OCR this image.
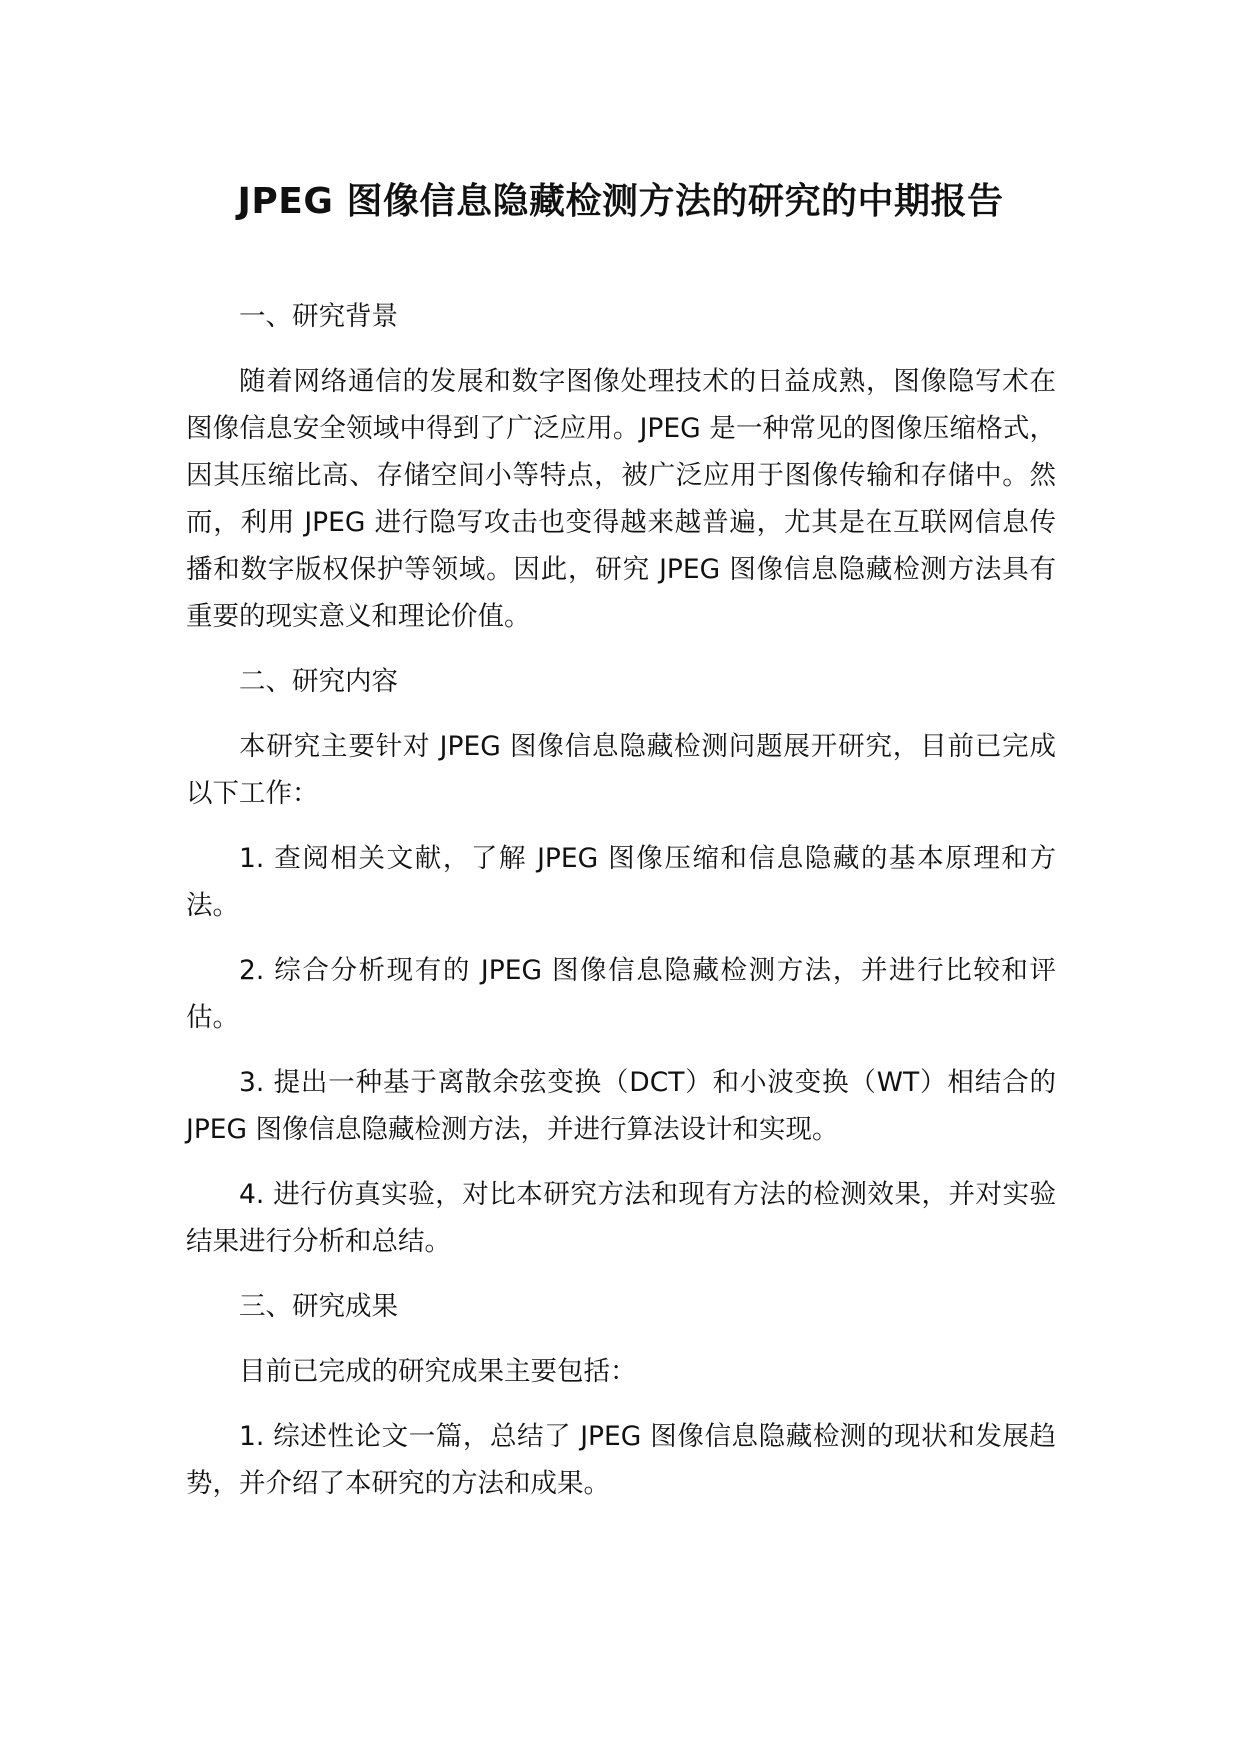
JPEG 图像信息隐藏检测方法的研究的中期报告

一、研究背景

随着网络通信的发展和数字图像处理技术的日益成熟，图像隐写术在图像信息安全领域中得到了广泛应用。JPEG 是一种常见的图像压缩格式，因其压缩比高、存储空间小等特点，被广泛应用于图像传输和存储中。然而，利用 JPEG 进行隐写攻击也变得越来越普遍，尤其是在互联网信息传播和数字版权保护等领域。因此，研究 JPEG 图像信息隐藏检测方法具有重要的现实意义和理论价值。

二、研究内容

本研究主要针对 JPEG 图像信息隐藏检测问题展开研究，目前已完成以下工作：

1. 查阅相关文献，了解 JPEG 图像压缩和信息隐藏的基本原理和方法。

2. 综合分析现有的 JPEG 图像信息隐藏检测方法，并进行比较和评估。

3. 提出一种基于离散余弦变换（DCT）和小波变换（WT）相结合的 JPEG 图像信息隐藏检测方法，并进行算法设计和实现。

4. 进行仿真实验，对比本研究方法和现有方法的检测效果，并对实验结果进行分析和总结。

三、研究成果

目前已完成的研究成果主要包括：

1. 综述性论文一篇，总结了 JPEG 图像信息隐藏检测的现状和发展趋势，并介绍了本研究的方法和成果。
